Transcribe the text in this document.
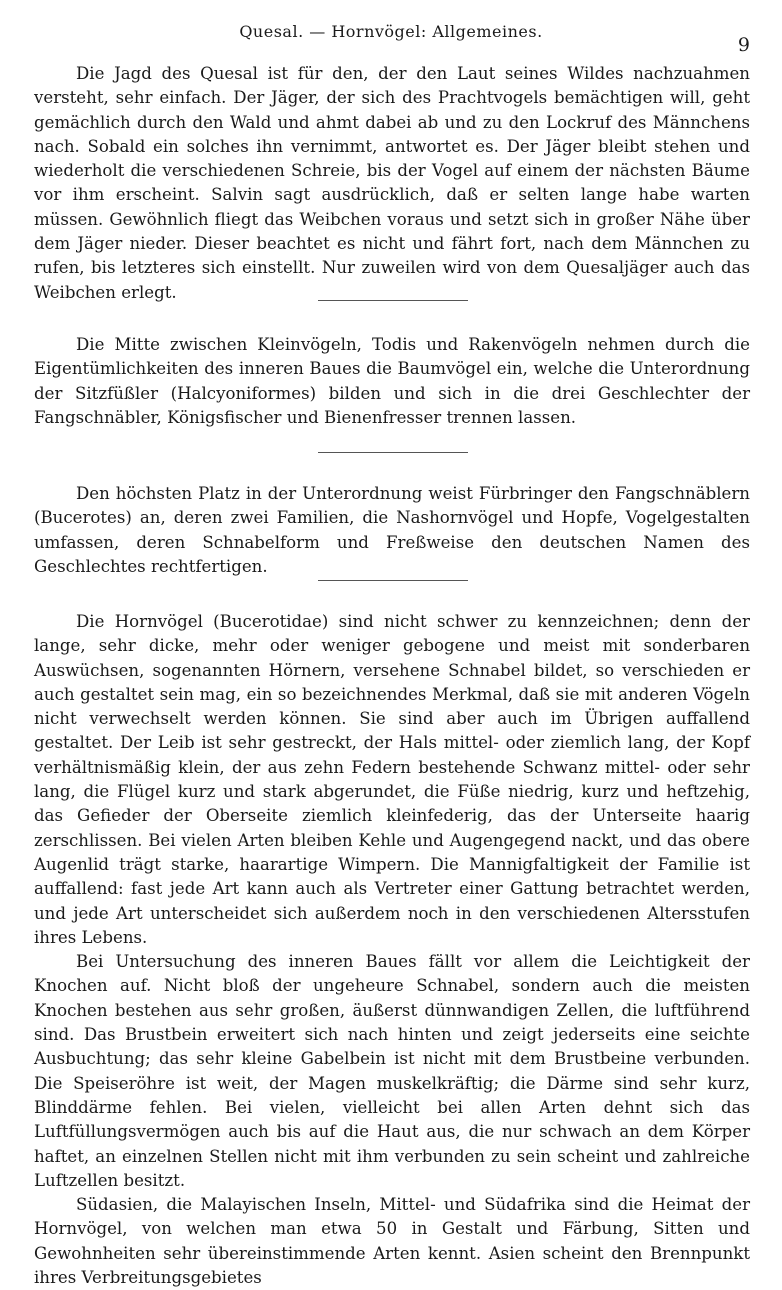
Quesal. — Hornvögel: Allgemeines.
9

Die Jagd des Quesal ist für den, der den Laut seines Wildes nachzuahmen versteht, sehr einfach. Der Jäger, der sich des Prachtvogels bemächtigen will, geht gemächlich durch den Wald und ahmt dabei ab und zu den Lockruf des Männchens nach. Sobald ein solches ihn vernimmt, antwortet es. Der Jäger bleibt stehen und wiederholt die verschiedenen Schreie, bis der Vogel auf einem der nächsten Bäume vor ihm erscheint. Salvin sagt ausdrücklich, daß er selten lange habe warten müssen. Gewöhnlich fliegt das Weibchen voraus und setzt sich in großer Nähe über dem Jäger nieder. Dieser beachtet es nicht und fährt fort, nach dem Männchen zu rufen, bis letzteres sich einstellt. Nur zuweilen wird von dem Quesaljäger auch das Weibchen erlegt.

Die Mitte zwischen Kleinvögeln, Todis und Rakenvögeln nehmen durch die Eigentümlichkeiten des inneren Baues die Baumvögel ein, welche die Unterordnung der Sitzfüßler (Halcyoniformes) bilden und sich in die drei Geschlechter der Fangschnäbler, Königsfischer und Bienenfresser trennen lassen.

Den höchsten Platz in der Unterordnung weist Fürbringer den Fangschnäblern (Bucerotes) an, deren zwei Familien, die Nashornvögel und Hopfe, Vogelgestalten umfassen, deren Schnabelform und Freßweise den deutschen Namen des Geschlechtes rechtfertigen.

Die Hornvögel (Bucerotidae) sind nicht schwer zu kennzeichnen; denn der lange, sehr dicke, mehr oder weniger gebogene und meist mit sonderbaren Auswüchsen, sogenannten Hörnern, versehene Schnabel bildet, so verschieden er auch gestaltet sein mag, ein so bezeichnendes Merkmal, daß sie mit anderen Vögeln nicht verwechselt werden können. Sie sind aber auch im Übrigen auffallend gestaltet. Der Leib ist sehr gestreckt, der Hals mittel- oder ziemlich lang, der Kopf verhältnismäßig klein, der aus zehn Federn bestehende Schwanz mittel- oder sehr lang, die Flügel kurz und stark abgerundet, die Füße niedrig, kurz und heftzehig, das Gefieder der Oberseite ziemlich kleinfederig, das der Unterseite haarig zerschlissen. Bei vielen Arten bleiben Kehle und Augengegend nackt, und das obere Augenlid trägt starke, haarartige Wimpern. Die Mannigfaltigkeit der Familie ist auffallend: fast jede Art kann auch als Vertreter einer Gattung betrachtet werden, und jede Art unterscheidet sich außerdem noch in den verschiedenen Altersstufen ihres Lebens.

Bei Untersuchung des inneren Baues fällt vor allem die Leichtigkeit der Knochen auf. Nicht bloß der ungeheure Schnabel, sondern auch die meisten Knochen bestehen aus sehr großen, äußerst dünnwandigen Zellen, die luftführend sind. Das Brustbein erweitert sich nach hinten und zeigt jederseits eine seichte Ausbuchtung; das sehr kleine Gabelbein ist nicht mit dem Brustbeine verbunden. Die Speiseröhre ist weit, der Magen muskelkräftig; die Därme sind sehr kurz, Blinddärme fehlen. Bei vielen, vielleicht bei allen Arten dehnt sich das Luftfüllungsvermögen auch bis auf die Haut aus, die nur schwach an dem Körper haftet, an einzelnen Stellen nicht mit ihm verbunden zu sein scheint und zahlreiche Luftzellen besitzt.

Südasien, die Malayischen Inseln, Mittel- und Südafrika sind die Heimat der Hornvögel, von welchen man etwa 50 in Gestalt und Färbung, Sitten und Gewohnheiten sehr übereinstimmende Arten kennt. Asien scheint den Brennpunkt ihres Verbreitungsgebietes
